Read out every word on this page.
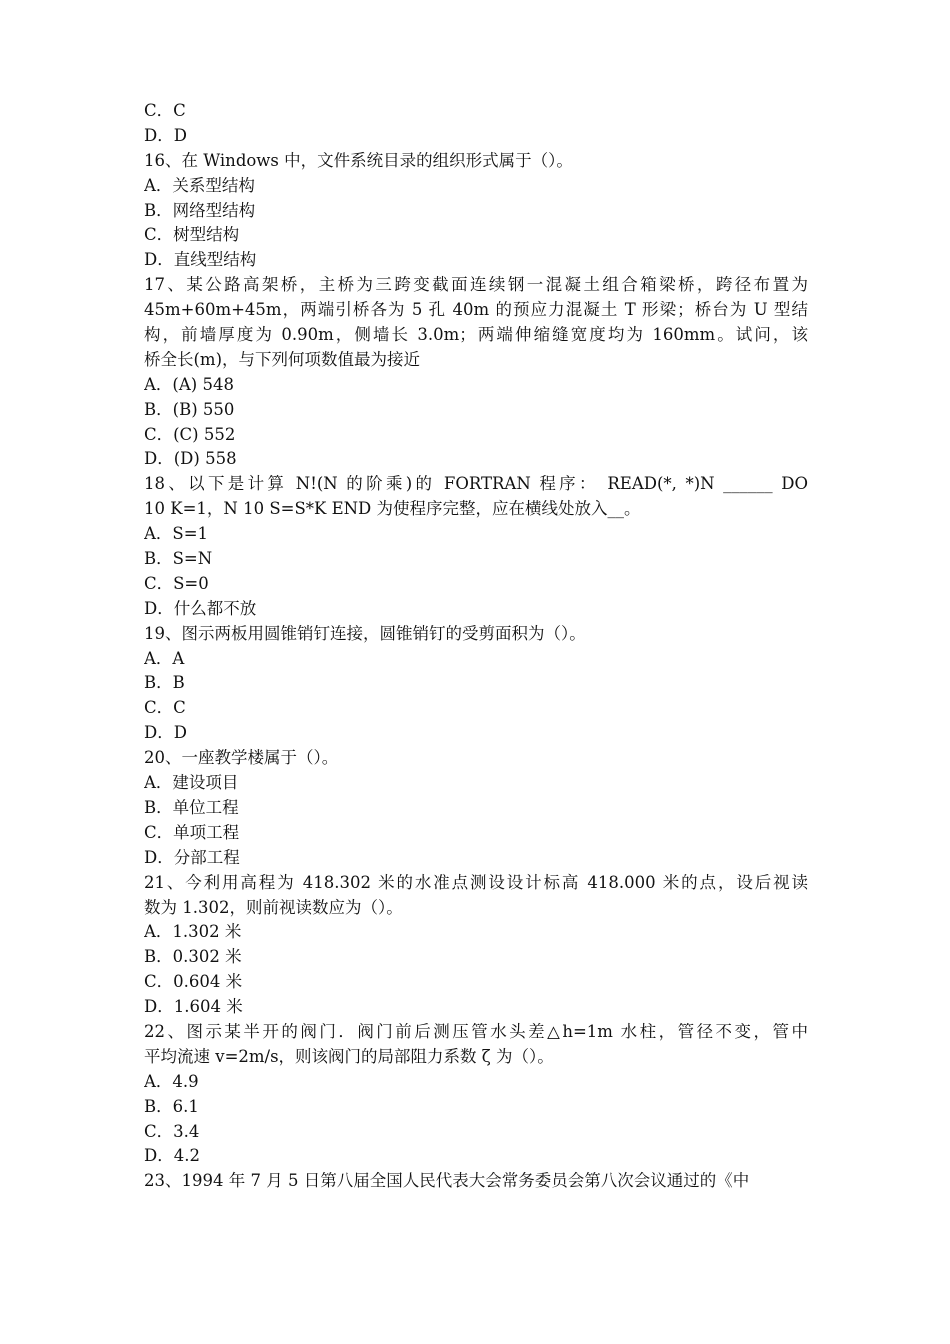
C．C
D．D
16、在 Windows 中，文件系统目录的组织形式属于（）。
A．关系型结构
B．网络型结构
C．树型结构
D．直线型结构
17、某公路高架桥，主桥为三跨变截面连续钢一混凝土组合箱梁桥，跨径布置为
45m+60m+45m，两端引桥各为 5 孔 40m 的预应力混凝土 T 形梁；桥台为 U 型结
构，前墙厚度为 0.90m，侧墙长 3.0m；两端伸缩缝宽度均为 160mm。试问，该
桥全长(m)，与下列何项数值最为接近
A．(A) 548
B．(B) 550
C．(C) 552
D．(D) 558
18、以下是计算 N!(N 的阶乘)的 FORTRAN 程序： READ(*, *)N ______ DO
10 K=1，N 10 S=S*K END 为使程序完整，应在横线处放入__。
A．S=1
B．S=N
C．S=0
D．什么都不放
19、图示两板用圆锥销钉连接，圆锥销钉的受剪面积为（）。
A．A
B．B
C．C
D．D
20、一座教学楼属于（）。
A．建设项目
B．单位工程
C．单项工程
D．分部工程
21、今利用高程为 418.302 米的水准点测设设计标高 418.000 米的点，设后视读
数为 1.302，则前视读数应为（）。
A．1.302 米
B．0.302 米
C．0.604 米
D．1.604 米
22、图示某半开的阀门．阀门前后测压管水头差△h=1m 水柱，管径不变，管中
平均流速 v=2m/s，则该阀门的局部阻力系数 ζ 为（）。
A．4.9
B．6.1
C．3.4
D．4.2
23、1994 年 7 月 5 日第八届全国人民代表大会常务委员会第八次会议通过的《中
